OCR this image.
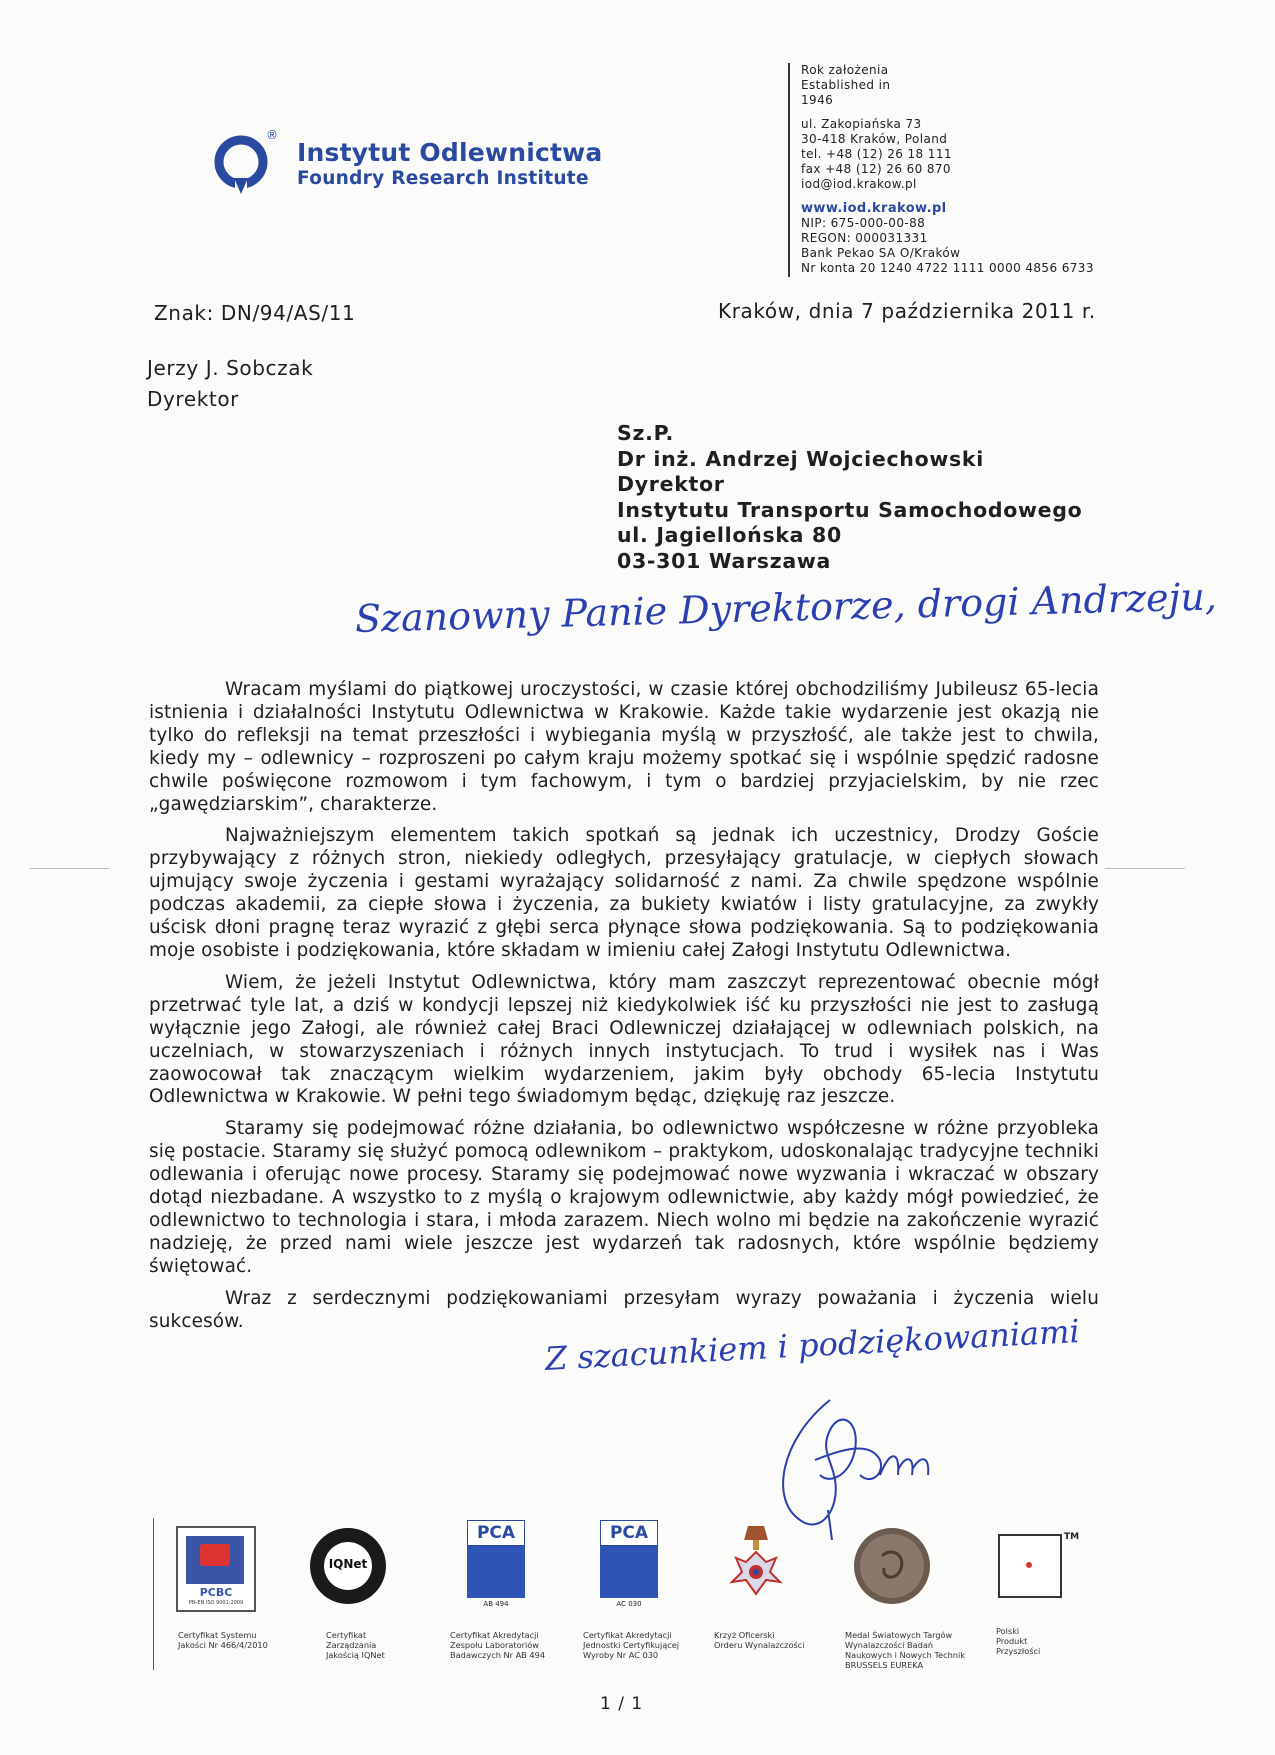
®
Instytut Odlewnictwa
Foundry Research Institute
Rok założenia
Established in
1946
ul. Zakopiańska 73
30-418 Kraków, Poland
tel. +48 (12) 26 18 111
fax +48 (12) 26 60 870
iod@iod.krakow.pl
www.iod.krakow.pl
NIP: 675-000-00-88
REGON: 000031331
Bank Pekao SA O/Kraków
Nr konta 20 1240 4722 1111 0000 4856 6733
Znak: DN/94/AS/11	Kraków, dnia 7 października 2011 r.
Jerzy J. Sobczak
Dyrektor
Sz.P.
Dr inż. Andrzej Wojciechowski
Dyrektor
Instytutu Transportu Samochodowego
ul. Jagiellońska 80
03-301 Warszawa
Szanowny Panie Dyrektorze, drogi Andrzeju,

Wracam myślami do piątkowej uroczystości, w czasie której obchodziliśmy Jubileusz 65-lecia istnienia i działalności Instytutu Odlewnictwa w Krakowie. Każde takie wydarzenie jest okazją nie tylko do refleksji na temat przeszłości i wybiegania myślą w przyszłość, ale także jest to chwila, kiedy my – odlewnicy – rozproszeni po całym kraju możemy spotkać się i wspólnie spędzić radosne chwile poświęcone rozmowom i tym fachowym, i tym o bardziej przyjacielskim, by nie rzec „gawędziarskim”, charakterze.

Najważniejszym elementem takich spotkań są jednak ich uczestnicy, Drodzy Goście przybywający z różnych stron, niekiedy odległych, przesyłający gratulacje, w ciepłych słowach ujmujący swoje życzenia i gestami wyrażający solidarność z nami. Za chwile spędzone wspólnie podczas akademii, za ciepłe słowa i życzenia, za bukiety kwiatów i listy gratulacyjne, za zwykły uścisk dłoni pragnę teraz wyrazić z głębi serca płynące słowa podziękowania. Są to podziękowania moje osobiste i podziękowania, które składam w imieniu całej Załogi Instytutu Odlewnictwa.

Wiem, że jeżeli Instytut Odlewnictwa, który mam zaszczyt reprezentować obecnie mógł przetrwać tyle lat, a dziś w kondycji lepszej niż kiedykolwiek iść ku przyszłości nie jest to zasługą wyłącznie jego Załogi, ale również całej Braci Odlewniczej działającej w odlewniach polskich, na uczelniach, w stowarzyszeniach i różnych innych instytucjach. To trud i wysiłek nas i Was zaowocował tak znaczącym wielkim wydarzeniem, jakim były obchody 65-lecia Instytutu Odlewnictwa w Krakowie. W pełni tego świadomym będąc, dziękuję raz jeszcze.

Staramy się podejmować różne działania, bo odlewnictwo współczesne w różne przyobleka się postacie. Staramy się służyć pomocą odlewnikom – praktykom, udoskonalając tradycyjne techniki odlewania i oferując nowe procesy. Staramy się podejmować nowe wyzwania i wkraczać w obszary dotąd niezbadane. A wszystko to z myślą o krajowym odlewnictwie, aby każdy mógł powiedzieć, że odlewnictwo to technologia i stara, i młoda zarazem. Niech wolno mi będzie na zakończenie wyrazić nadzieję, że przed nami wiele jeszcze jest wydarzeń tak radosnych, które wspólnie będziemy świętować.

Wraz z serdecznymi podziękowaniami przesyłam wyrazy poważania i życzenia wielu sukcesów.	Z szacunkiem i podziękowaniami
PCBC
PN-EN ISO 9001:2009
Certyfikat Systemu
Jakości Nr 466/4/2010
IQNet
Certyfikat
Zarządzania
Jakością IQNet
PCA
AB 494
Certyfikat Akredytacji
Zespołu Laboratoriów
Badawczych Nr AB 494
PCA
AC 030
Certyfikat Akredytacji
Jednostki Certyfikującej
Wyroby Nr AC 030
Krzyż Oficerski
Orderu Wynalazczości
Medal Światowych Targów
Wynalazczości Badań
Naukowych i Nowych Technik
BRUSSELS EUREKA
TM
Polski
Produkt
Przyszłości
1 / 1
